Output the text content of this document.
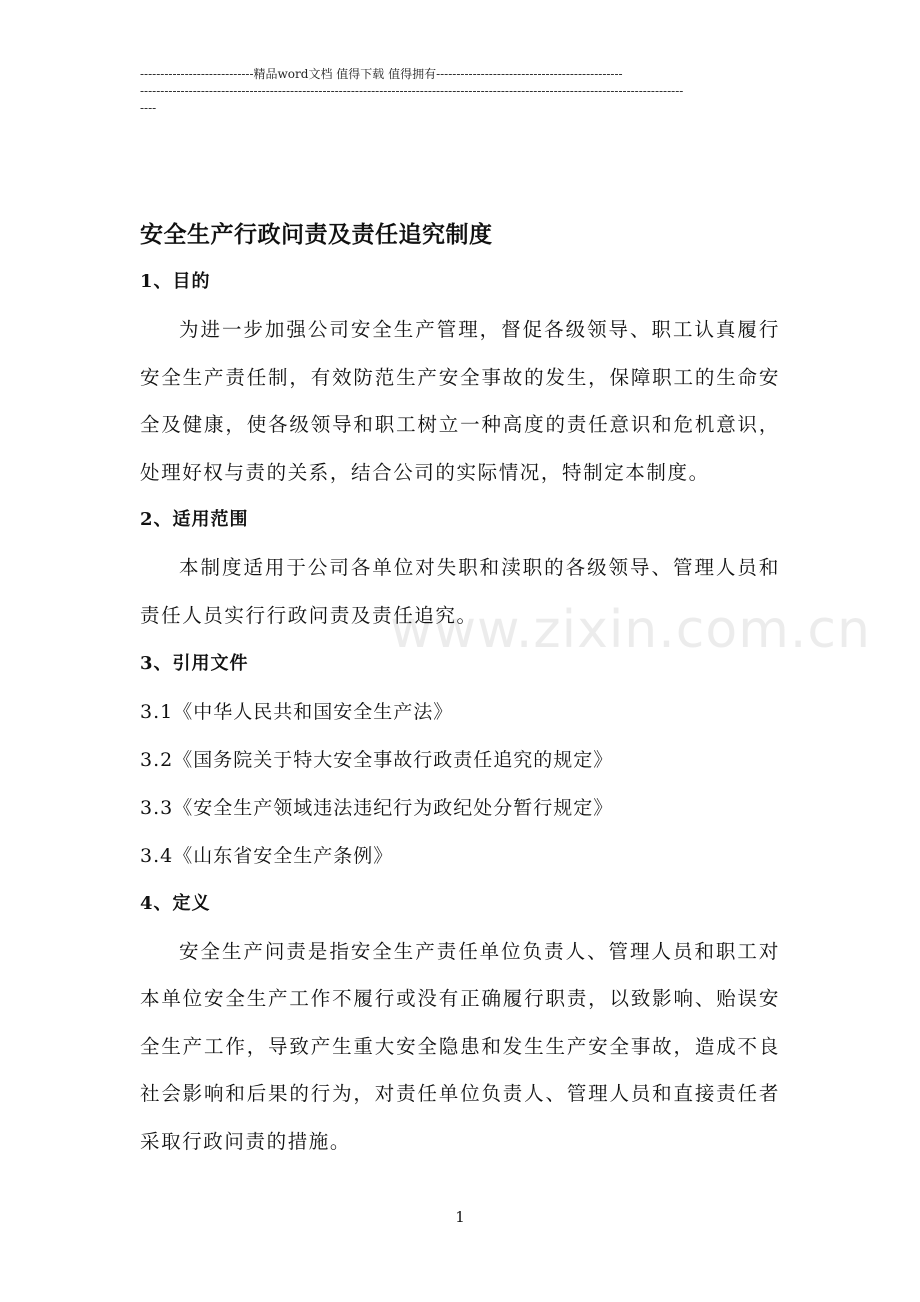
----------------------------精品word文档 值得下载 值得拥有----------------------------------------------
--------------------------------------------------------------------------------------------------------------------------------------
----
www.zixin.com.cn
安全生产行政问责及责任追究制度
1、目的

为进一步加强公司安全生产管理，督促各级领导、职工认真履行安全生产责任制，有效防范生产安全事故的发生，保障职工的生命安全及健康，使各级领导和职工树立一种高度的责任意识和危机意识，处理好权与责的关系，结合公司的实际情况，特制定本制度。

2、适用范围

本制度适用于公司各单位对失职和渎职的各级领导、管理人员和责任人员实行行政问责及责任追究。

3、引用文件

3.1《中华人民共和国安全生产法》

3.2《国务院关于特大安全事故行政责任追究的规定》

3.3《安全生产领域违法违纪行为政纪处分暂行规定》

3.4《山东省安全生产条例》

4、定义

安全生产问责是指安全生产责任单位负责人、管理人员和职工对本单位安全生产工作不履行或没有正确履行职责，以致影响、贻误安全生产工作，导致产生重大安全隐患和发生生产安全事故，造成不良社会影响和后果的行为，对责任单位负责人、管理人员和直接责任者采取行政问责的措施。

1
